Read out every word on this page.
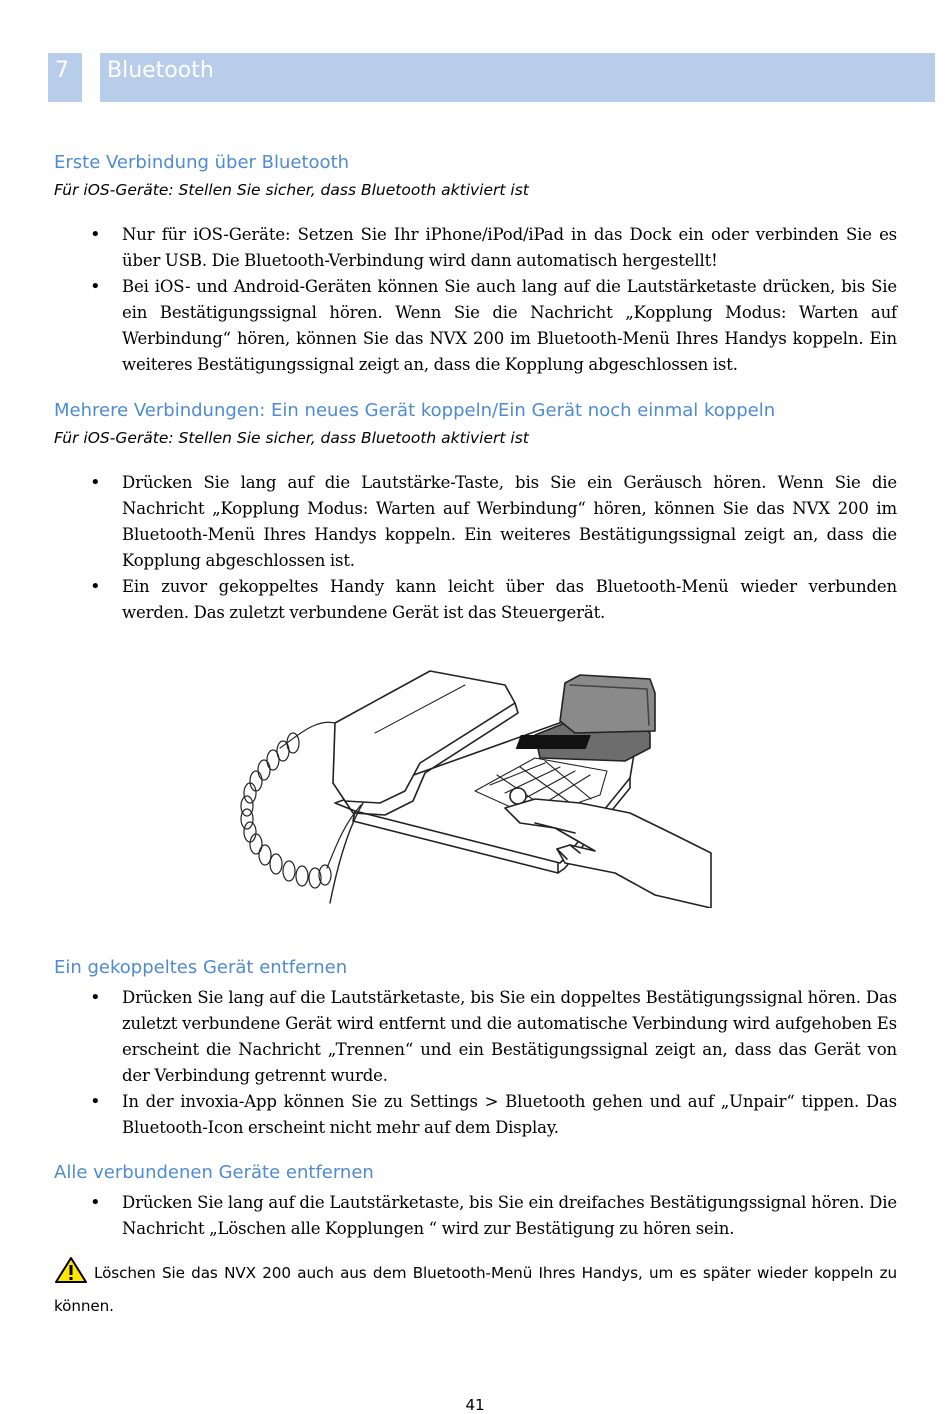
7	Bluetooth
Erste Verbindung über Bluetooth

Für iOS-Geräte: Stellen Sie sicher, dass Bluetooth aktiviert ist

• Nur für iOS-Geräte: Setzen Sie Ihr iPhone/iPod/iPad in das Dock ein oder verbinden Sie es über USB. Die Bluetooth-Verbindung wird dann automatisch hergestellt!
• Bei iOS- und Android-Geräten können Sie auch lang auf die Lautstärketaste drücken, bis Sie ein Bestätigungssignal hören. Wenn Sie die Nachricht „Kopplung Modus: Warten auf Werbindung“ hören, können Sie das NVX 200 im Bluetooth-Menü Ihres Handys koppeln. Ein weiteres Bestätigungssignal zeigt an, dass die Kopplung abgeschlossen ist.
Mehrere Verbindungen: Ein neues Gerät koppeln/Ein Gerät noch einmal koppeln

Für iOS-Geräte: Stellen Sie sicher, dass Bluetooth aktiviert ist

• Drücken Sie lang auf die Lautstärke-Taste, bis Sie ein Geräusch hören. Wenn Sie die Nachricht „Kopplung Modus: Warten auf Werbindung“ hören, können Sie das NVX 200 im Bluetooth-Menü Ihres Handys koppeln. Ein weiteres Bestätigungssignal zeigt an, dass die Kopplung abgeschlossen ist.
• Ein zuvor gekoppeltes Handy kann leicht über das Bluetooth-Menü wieder verbunden werden. Das zuletzt verbundene Gerät ist das Steuergerät.
Ein gekoppeltes Gerät entfernen
• Drücken Sie lang auf die Lautstärketaste, bis Sie ein doppeltes Bestätigungssignal hören. Das zuletzt verbundene Gerät wird entfernt und die automatische Verbindung wird aufgehoben Es erscheint die Nachricht „Trennen“ und ein Bestätigungssignal zeigt an, dass das Gerät von der Verbindung getrennt wurde.
• In der invoxia-App können Sie zu Settings > Bluetooth gehen und auf „Unpair“ tippen. Das Bluetooth-Icon erscheint nicht mehr auf dem Display.
Alle verbundenen Geräte entfernen
• Drücken Sie lang auf die Lautstärketaste, bis Sie ein dreifaches Bestätigungssignal hören. Die Nachricht „Löschen alle Kopplungen “ wird zur Bestätigung zu hören sein.

Löschen Sie das NVX 200 auch aus dem Bluetooth-Menü Ihres Handys, um es später wieder koppeln zu können.

41
